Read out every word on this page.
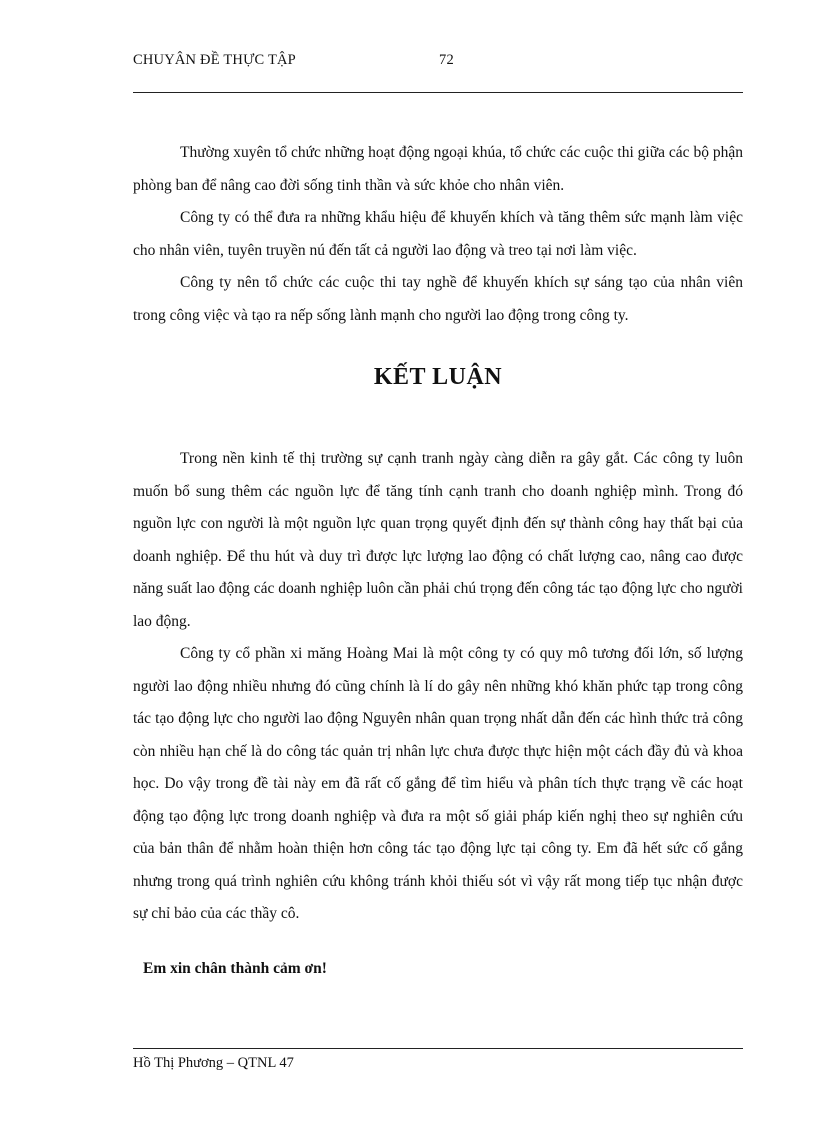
CHUYÂN ĐỀ THỰC TẬP	72

Thường xuyên tổ chức những hoạt động ngoại khúa, tổ chức các cuộc thi giữa các bộ phận phòng ban để nâng cao đời sống tinh thần và sức khỏe cho nhân viên.

Công ty có thể đưa ra những khẩu hiệu để khuyến khích và tăng thêm sức mạnh làm việc cho nhân viên, tuyên truyền nú đến tất cả người lao động và treo tại nơi làm việc.

Công ty nên tổ chức các cuộc thi tay nghề để khuyến khích sự sáng tạo của nhân viên trong công việc và tạo ra nếp sống lành mạnh cho người lao động trong công ty.

KẾT LUẬN

Trong nền kinh tế thị trường sự cạnh tranh ngày càng diễn ra gây gắt. Các công ty luôn muốn bổ sung thêm các nguồn lực để tăng tính cạnh tranh cho doanh nghiệp mình. Trong đó nguồn lực con người là một nguồn lực quan trọng quyết định đến sự thành công hay thất bại của doanh nghiệp. Để thu hút và duy trì được lực lượng lao động có chất lượng cao, nâng cao được năng suất lao động các doanh nghiệp luôn cần phải chú trọng đến công tác tạo động lực cho người lao động.

Công ty cổ phần xi măng Hoàng Mai là một công ty có quy mô tương đối lớn, số lượng người lao động nhiều nhưng đó cũng chính là lí do gây nên những khó khăn phức tạp trong công tác tạo động lực cho người lao động Nguyên nhân quan trọng nhất dẫn đến các hình thức trả công còn nhiều hạn chế là do công tác quản trị nhân lực chưa được thực hiện một cách đầy đủ và khoa học. Do vậy trong đề tài này em đã rất cố gắng để tìm hiểu và phân tích thực trạng về các hoạt động tạo động lực trong doanh nghiệp và đưa ra một số giải pháp kiến nghị theo sự nghiên cứu của bản thân để nhằm hoàn thiện hơn công tác tạo động lực tại công ty. Em đã hết sức cố gắng nhưng trong quá trình nghiên cứu không tránh khỏi thiếu sót vì vậy rất mong tiếp tục nhận được sự chỉ bảo của các thầy cô.

Em xin chân thành cảm ơn!
Hồ Thị Phương – QTNL 47
